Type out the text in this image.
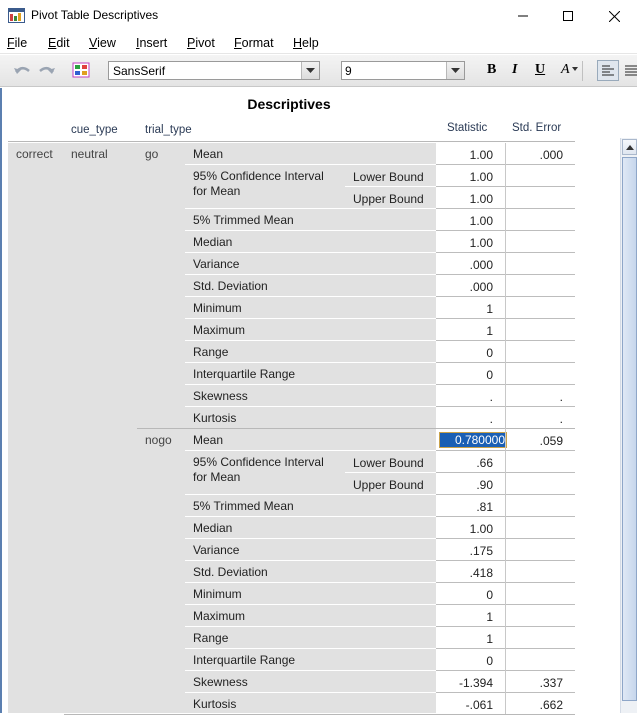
Pivot Table Descriptives
File Edit View Insert Pivot Format Help
SansSerif	9	B I U A
Descriptives
cue_type trial_type	Statistic Std. Error
correct neutral	go	Mean	1.00	.000
95% Confidence Interval
for Mean
Lower Bound	1.00
Upper Bound	1.00
5% Trimmed Mean	1.00
Median	1.00
Variance	.000
Std. Deviation	.000
Minimum	1
Maximum	1
Range	0
Interquartile Range	0
Skewness	.	.
Kurtosis	.	.
nogo Mean	0.780000	.059
95% Confidence Interval
for Mean
Lower Bound	.66
Upper Bound	.90
5% Trimmed Mean	.81
Median	1.00
Variance	.175
Std. Deviation	.418
Minimum	0
Maximum	1
Range	1
Interquartile Range	0
Skewness	-1.394	.337
Kurtosis	-.061	.662
